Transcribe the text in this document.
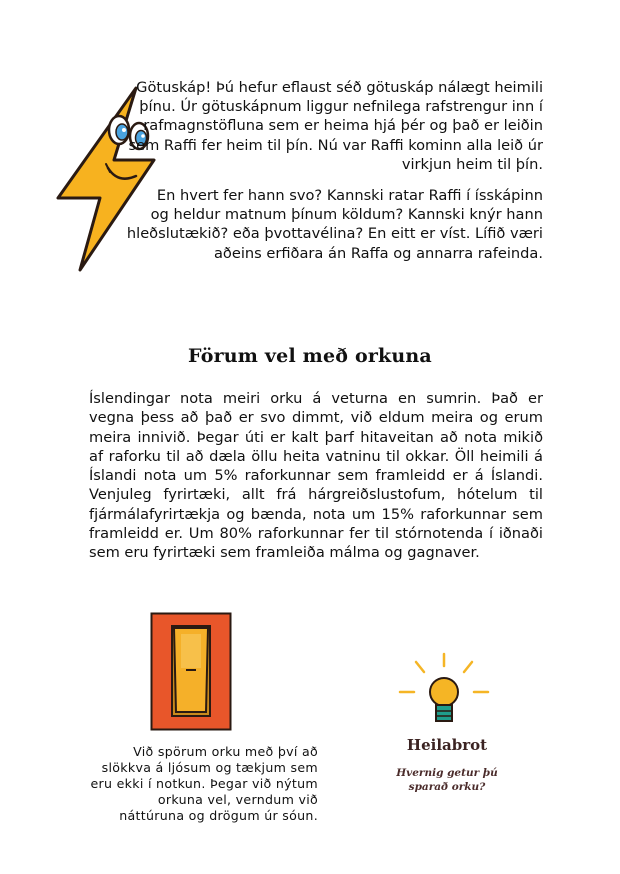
Götuskáp! Þú hefur eflaust séð götuskáp nálægt heimili þínu. Úr götuskápnum liggur nefnilega rafstrengur inn í rafmagnstöfluna sem er heima hjá þér og það er leiðin sem Raffi fer heim til þín. Nú var Raffi kominn alla leið úr virkjun heim til þín.

En hvert fer hann svo? Kannski ratar Raffi í ísskápinn og heldur matnum þínum köldum? Kannski knýr hann hleðslutækið? eða þvottavélina? En eitt er víst. Lífið væri aðeins erfiðara án Raffa og annarra rafeinda.

Förum vel með orkuna

Íslendingar nota meiri orku á veturna en sumrin. Það er vegna þess að það er svo dimmt, við eldum meira og erum meira innivið. Þegar úti er kalt þarf hitaveitan að nota mikið af raforku til að dæla öllu heita vatninu til okkar. Öll heimili á Íslandi nota um 5% raforkunnar sem framleidd er á Íslandi. Venjuleg fyrirtæki, allt frá hárgreiðslustofum, hótelum til fjármálafyrirtækja og bænda, nota um 15% raforkunnar sem framleidd er. Um 80% raforkunnar fer til stórnotenda í iðnaði sem eru fyrirtæki sem framleiða málma og gagnaver.

Við spörum orku með því að slökkva á ljósum og tækjum sem eru ekki í notkun. Þegar við nýtum orkuna vel, verndum við náttúruna og drögum úr sóun.

Heilabrot

Hvernig getur þú sparað orku?
